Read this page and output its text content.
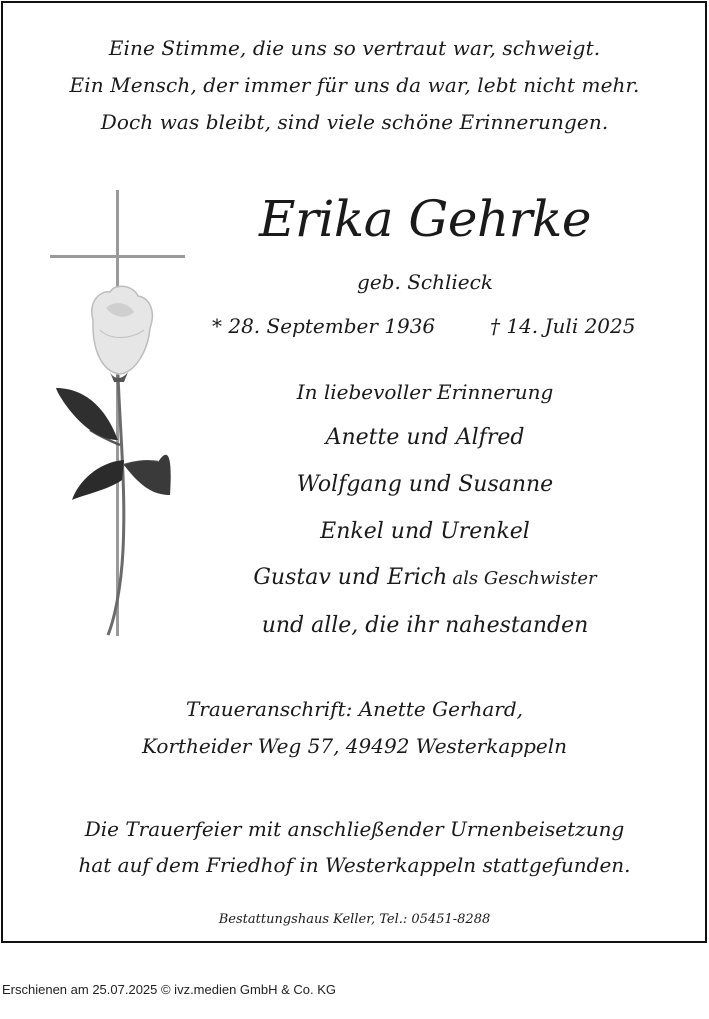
Eine Stimme, die uns so vertraut war, schweigt.
Ein Mensch, der immer für uns da war, lebt nicht mehr.
Doch was bleibt, sind viele schöne Erinnerungen.
Erika Gehrke
geb. Schlieck
* 28. September 1936	† 14. Juli 2025
In liebevoller Erinnerung
Anette und Alfred
Wolfgang und Susanne
Enkel und Urenkel
Gustav und Erich als Geschwister
und alle, die ihr nahestanden
Traueranschrift: Anette Gerhard,
Kortheider Weg 57, 49492 Westerkappeln
Die Trauerfeier mit anschließender Urnenbeisetzung
hat auf dem Friedhof in Westerkappeln stattgefunden.
Bestattungshaus Keller, Tel.: 05451-8288
Erschienen am 25.07.2025 © ivz.medien GmbH & Co. KG
